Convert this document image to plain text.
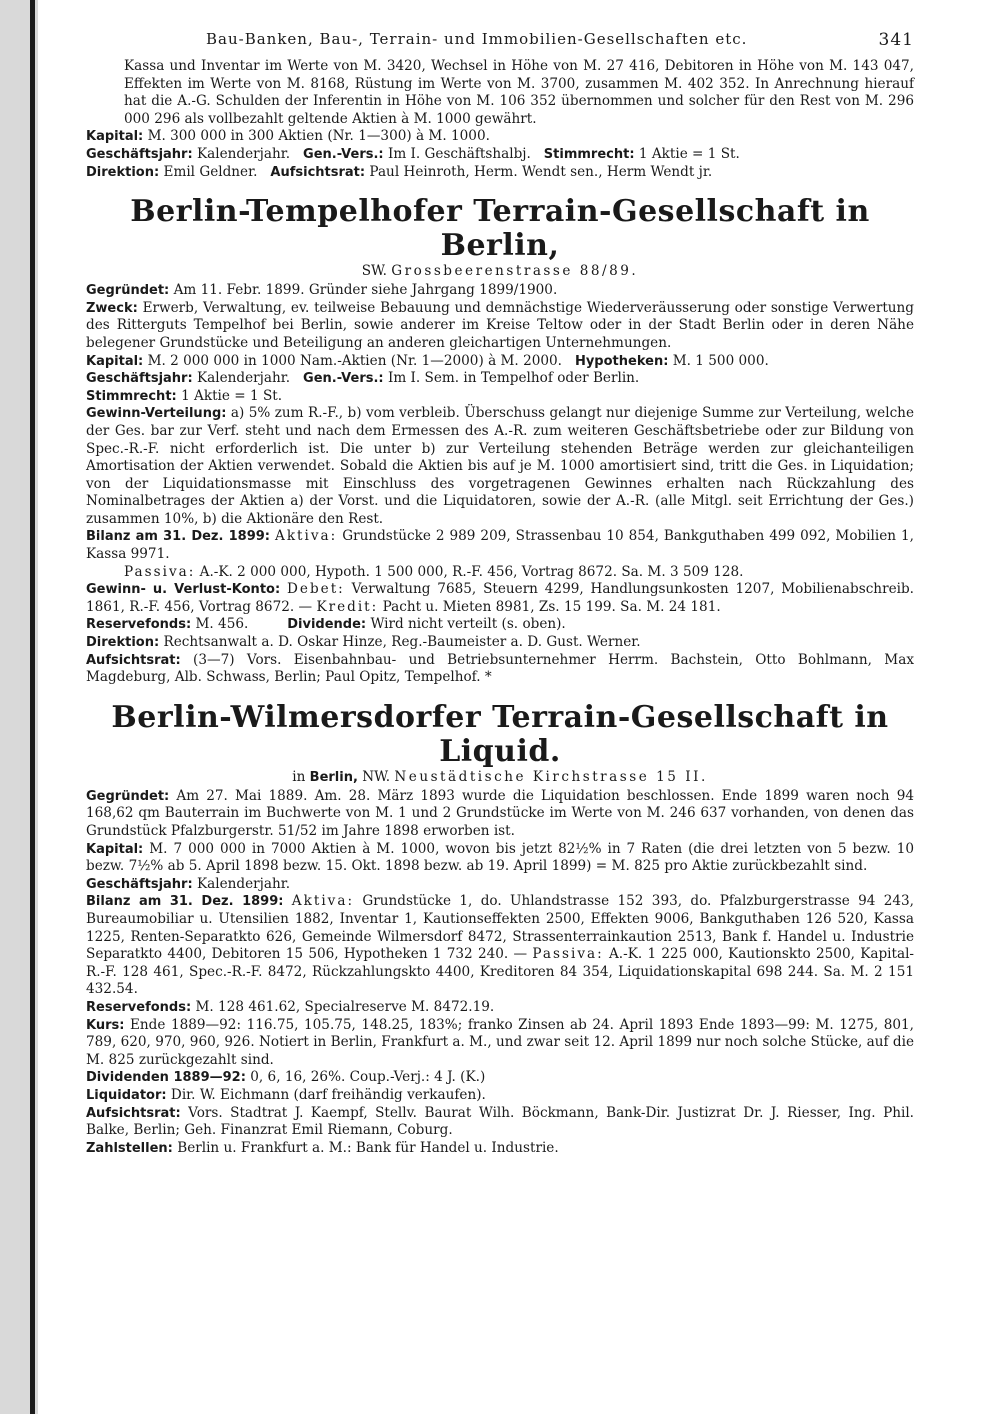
Bau-Banken, Bau-, Terrain- und Immobilien-Gesellschaften etc.	341

Kassa und Inventar im Werte von M. 3420, Wechsel in Höhe von M. 27 416, Debitoren in Höhe von M. 143 047, Effekten im Werte von M. 8168, Rüstung im Werte von M. 3700, zusammen M. 402 352. In Anrechnung hierauf hat die A.-G. Schulden der Inferentin in Höhe von M. 106 352 übernommen und solcher für den Rest von M. 296 000 296 als vollbezahlt geltende Aktien à M. 1000 gewährt.

Kapital: M. 300 000 in 300 Aktien (Nr. 1—300) à M. 1000.

Geschäftsjahr: Kalenderjahr. Gen.-Vers.: Im I. Geschäftshalbj. Stimmrecht: 1 Aktie = 1 St.

Direktion: Emil Geldner. Aufsichtsrat: Paul Heinroth, Herm. Wendt sen., Herm Wendt jr.

Berlin-Tempelhofer Terrain-Gesellschaft in Berlin,
SW. Grossbeerenstrasse 88/89.

Gegründet: Am 11. Febr. 1899. Gründer siehe Jahrgang 1899/1900.

Zweck: Erwerb, Verwaltung, ev. teilweise Bebauung und demnächstige Wiederveräusserung oder sonstige Verwertung des Ritterguts Tempelhof bei Berlin, sowie anderer im Kreise Teltow oder in der Stadt Berlin oder in deren Nähe belegener Grundstücke und Beteiligung an anderen gleichartigen Unternehmungen.

Kapital: M. 2 000 000 in 1000 Nam.-Aktien (Nr. 1—2000) à M. 2000. Hypotheken: M. 1 500 000.

Geschäftsjahr: Kalenderjahr. Gen.-Vers.: Im I. Sem. in Tempelhof oder Berlin.

Stimmrecht: 1 Aktie = 1 St.

Gewinn-Verteilung: a) 5% zum R.-F., b) vom verbleib. Überschuss gelangt nur diejenige Summe zur Verteilung, welche der Ges. bar zur Verf. steht und nach dem Ermessen des A.-R. zum weiteren Geschäftsbetriebe oder zur Bildung von Spec.-R.-F. nicht erforderlich ist. Die unter b) zur Verteilung stehenden Beträge werden zur gleichanteiligen Amortisation der Aktien verwendet. Sobald die Aktien bis auf je M. 1000 amortisiert sind, tritt die Ges. in Liquidation; von der Liquidationsmasse mit Einschluss des vorgetragenen Gewinnes erhalten nach Rückzahlung des Nominalbetrages der Aktien a) der Vorst. und die Liquidatoren, sowie der A.-R. (alle Mitgl. seit Errichtung der Ges.) zusammen 10%, b) die Aktionäre den Rest.

Bilanz am 31. Dez. 1899: Aktiva: Grundstücke 2 989 209, Strassenbau 10 854, Bankguthaben 499 092, Mobilien 1, Kassa 9971.

Passiva: A.-K. 2 000 000, Hypoth. 1 500 000, R.-F. 456, Vortrag 8672. Sa. M. 3 509 128.

Gewinn- u. Verlust-Konto: Debet: Verwaltung 7685, Steuern 4299, Handlungsunkosten 1207, Mobilienabschreib. 1861, R.-F. 456, Vortrag 8672. — Kredit: Pacht u. Mieten 8981, Zs. 15 199. Sa. M. 24 181.

Reservefonds: M. 456.	Dividende: Wird nicht verteilt (s. oben).

Direktion: Rechtsanwalt a. D. Oskar Hinze, Reg.-Baumeister a. D. Gust. Werner.

Aufsichtsrat: (3—7) Vors. Eisenbahnbau- und Betriebsunternehmer Herrm. Bachstein, Otto Bohlmann, Max Magdeburg, Alb. Schwass, Berlin; Paul Opitz, Tempelhof. *

Berlin-Wilmersdorfer Terrain-Gesellschaft in Liquid.
in Berlin, NW. Neustädtische Kirchstrasse 15 II.

Gegründet: Am 27. Mai 1889. Am. 28. März 1893 wurde die Liquidation beschlossen. Ende 1899 waren noch 94 168,62 qm Bauterrain im Buchwerte von M. 1 und 2 Grundstücke im Werte von M. 246 637 vorhanden, von denen das Grundstück Pfalzburgerstr. 51/52 im Jahre 1898 erworben ist.

Kapital: M. 7 000 000 in 7000 Aktien à M. 1000, wovon bis jetzt 82½% in 7 Raten (die drei letzten von 5 bezw. 10 bezw. 7½% ab 5. April 1898 bezw. 15. Okt. 1898 bezw. ab 19. April 1899) = M. 825 pro Aktie zurückbezahlt sind.

Geschäftsjahr: Kalenderjahr.

Bilanz am 31. Dez. 1899: Aktiva: Grundstücke 1, do. Uhlandstrasse 152 393, do. Pfalzburgerstrasse 94 243, Bureaumobiliar u. Utensilien 1882, Inventar 1, Kautionseffekten 2500, Effekten 9006, Bankguthaben 126 520, Kassa 1225, Renten-Separatkto 626, Gemeinde Wilmersdorf 8472, Strassenterrainkaution 2513, Bank f. Handel u. Industrie Separatkto 4400, Debitoren 15 506, Hypotheken 1 732 240. — Passiva: A.-K. 1 225 000, Kautionskto 2500, Kapital-R.-F. 128 461, Spec.-R.-F. 8472, Rückzahlungskto 4400, Kreditoren 84 354, Liquidationskapital 698 244. Sa. M. 2 151 432.54.

Reservefonds: M. 128 461.62, Specialreserve M. 8472.19.

Kurs: Ende 1889—92: 116.75, 105.75, 148.25, 183%; franko Zinsen ab 24. April 1893 Ende 1893—99: M. 1275, 801, 789, 620, 970, 960, 926. Notiert in Berlin, Frankfurt a. M., und zwar seit 12. April 1899 nur noch solche Stücke, auf die M. 825 zurückgezahlt sind.

Dividenden 1889—92: 0, 6, 16, 26%. Coup.-Verj.: 4 J. (K.)

Liquidator: Dir. W. Eichmann (darf freihändig verkaufen).

Aufsichtsrat: Vors. Stadtrat J. Kaempf, Stellv. Baurat Wilh. Böckmann, Bank-Dir. Justizrat Dr. J. Riesser, Ing. Phil. Balke, Berlin; Geh. Finanzrat Emil Riemann, Coburg.

Zahlstellen: Berlin u. Frankfurt a. M.: Bank für Handel u. Industrie.
